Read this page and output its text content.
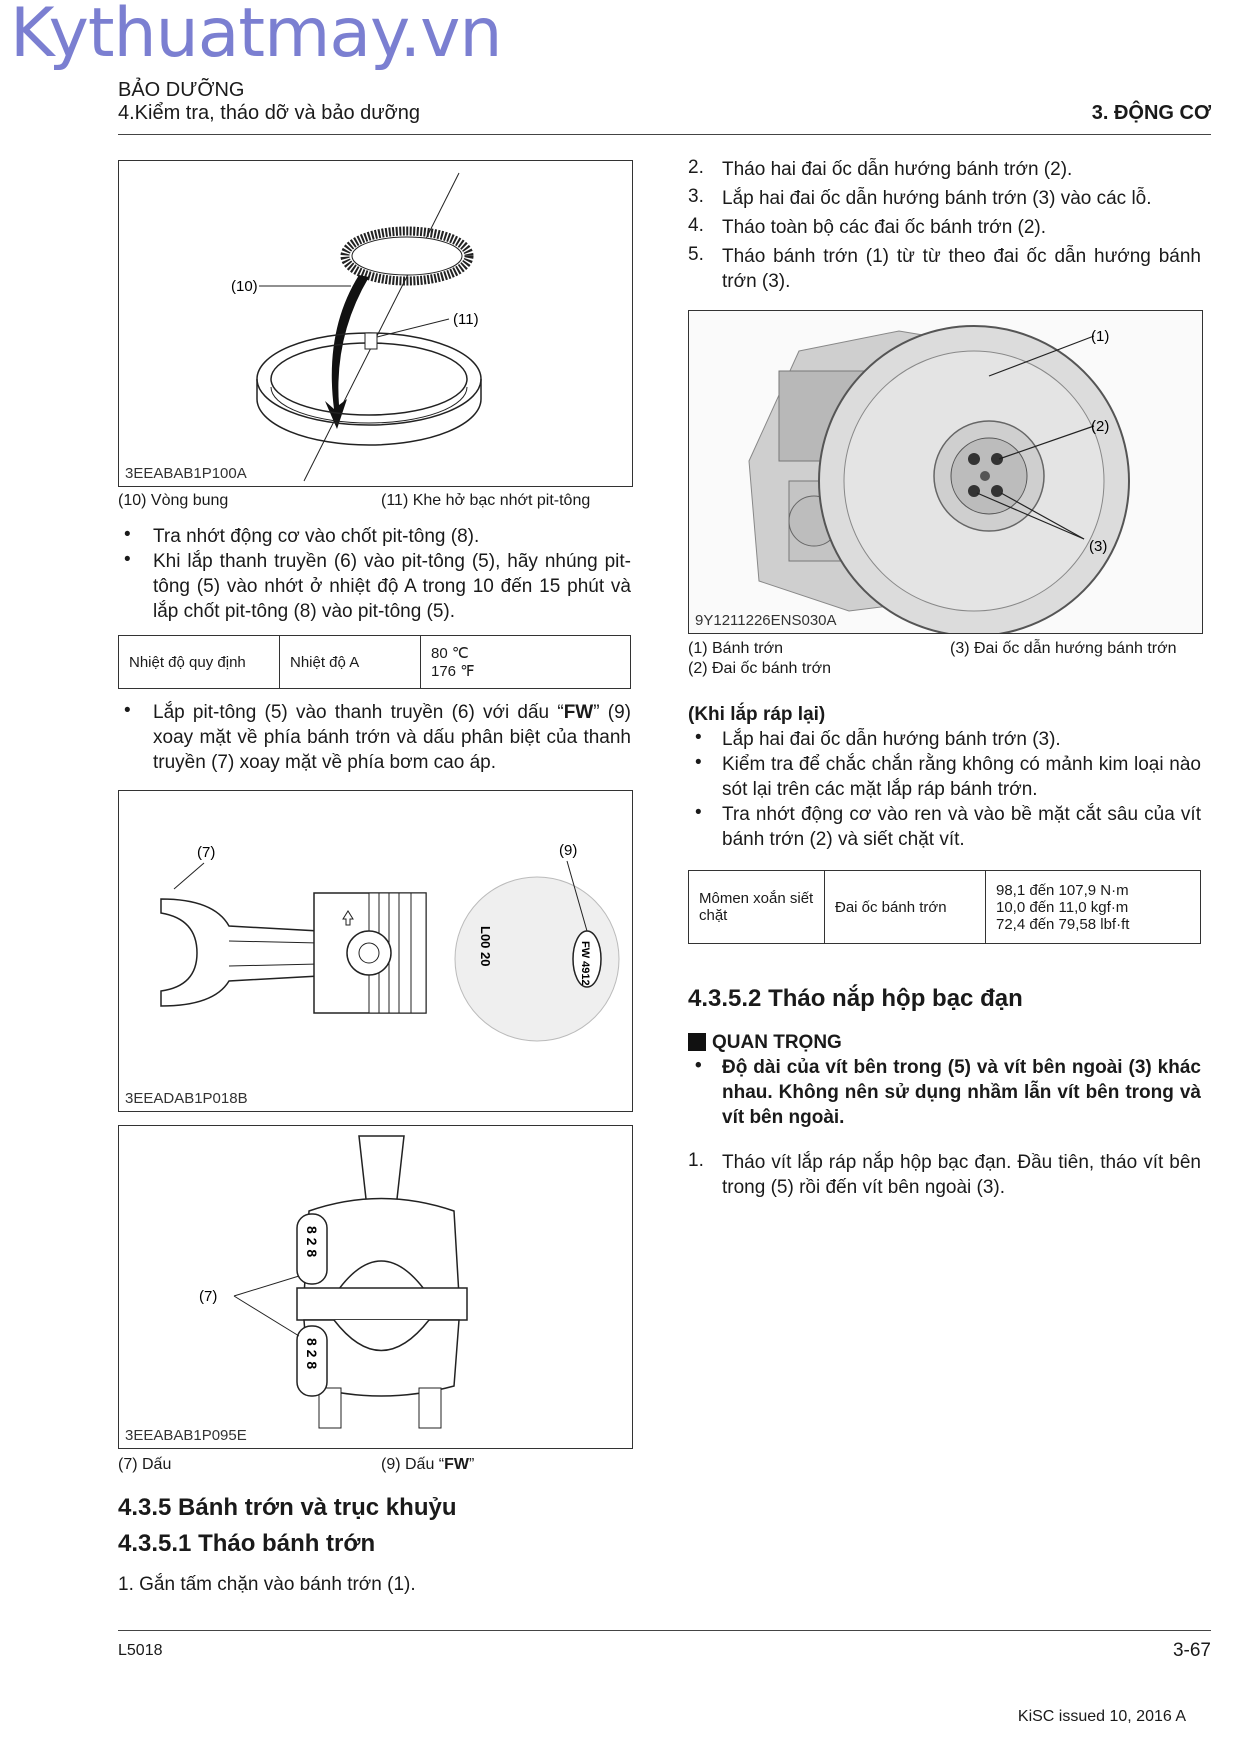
Kythuatmay.vn
BẢO DƯỠNG
4.Kiểm tra, tháo dỡ và bảo dưỡng	3. ĐỘNG CƠ
(10)
(11)
3EEABAB1P100A
(10) Vòng bung	(11) Khe hở bạc nhớt pit-tông
• Tra nhớt động cơ vào chốt pit-tông (8).
• Khi lắp thanh truyền (6) vào pit-tông (5), hãy nhúng pit-tông (5) vào nhớt ở nhiệt độ A trong 10 đến 15 phút và lắp chốt pit-tông (8) vào pit-tông (5).
Nhiệt độ quy định	Nhiệt độ A	80 ℃
176 ℉
• Lắp pit-tông (5) vào thanh truyền (6) với dấu “FW” (9) xoay mặt về phía bánh trớn và dấu phân biệt của thanh truyền (7) xoay mặt về phía bơm cao áp.
(7)
L00 20	FW 4912
(9)
3EEADAB1P018B
8 2 8
8 2 8
(7)
3EEABAB1P095E
(7) Dấu	(9) Dấu “FW”
4.3.5 Bánh trớn và trục khuỷu
4.3.5.1 Tháo bánh trớn
1. Gắn tấm chặn vào bánh trớn (1).
2. Tháo hai đai ốc dẫn hướng bánh trớn (2).
3. Lắp hai đai ốc dẫn hướng bánh trớn (3) vào các lỗ.
4. Tháo toàn bộ các đai ốc bánh trớn (2).
5. Tháo bánh trớn (1) từ từ theo đai ốc dẫn hướng bánh trớn (3).
(1)
(2)
(3)
9Y1211226ENS030A
(1) Bánh trớn
(2) Đai ốc bánh trớn
(3) Đai ốc dẫn hướng bánh trớn
(Khi lắp ráp lại)
• Lắp hai đai ốc dẫn hướng bánh trớn (3).
• Kiểm tra để chắc chắn rằng không có mảnh kim loại nào sót lại trên các mặt lắp ráp bánh trớn.
• Tra nhớt động cơ vào ren và vào bề mặt cắt sâu của vít bánh trớn (2) và siết chặt vít.
Mômen xoắn siết chặt	Đai ốc bánh trớn	
98,1 đến 107,9 N·m
10,0 đến 11,0 kgf·m
72,4 đến 79,58 lbf·ft
4.3.5.2 Tháo nắp hộp bạc đạn
QUAN TRỌNG
• Độ dài của vít bên trong (5) và vít bên ngoài (3) khác nhau. Không nên sử dụng nhầm lẫn vít bên trong và vít bên ngoài.
1. Tháo vít lắp ráp nắp hộp bạc đạn. Đầu tiên, tháo vít bên trong (5) rồi đến vít bên ngoài (3).
L5018	3-67
KiSC issued 10, 2016 A
